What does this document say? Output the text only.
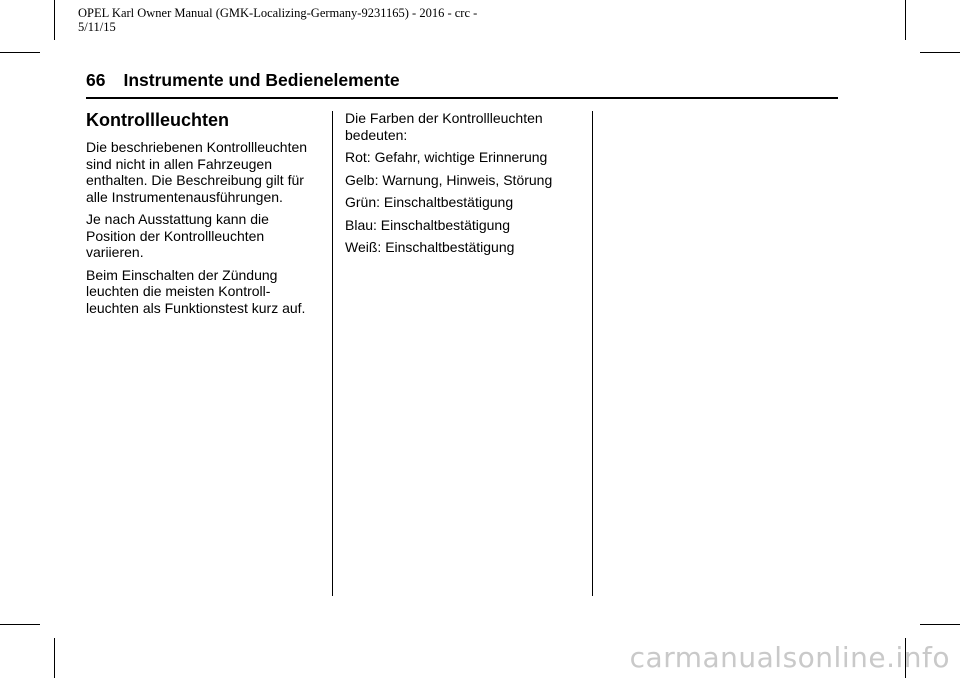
OPEL Karl Owner Manual (GMK-Localizing-Germany-9231165) - 2016 - crc -
5/11/15
66 Instrumente und Bedienelemente
Kontrollleuchten

Die beschriebenen Kontrollleuchten
sind nicht in allen Fahrzeugen
enthalten. Die Beschreibung gilt für
alle Instrumentenausführungen.

Je nach Ausstattung kann die
Position der Kontrollleuchten
variieren.

Beim Einschalten der Zündung
leuchten die meisten Kontroll-
leuchten als Funktionstest kurz auf.

Die Farben der Kontrollleuchten
bedeuten:

Rot: Gefahr, wichtige Erinnerung

Gelb: Warnung, Hinweis, Störung

Grün: Einschaltbestätigung

Blau: Einschaltbestätigung

Weiß: Einschaltbestätigung

carmanualsonline.info
